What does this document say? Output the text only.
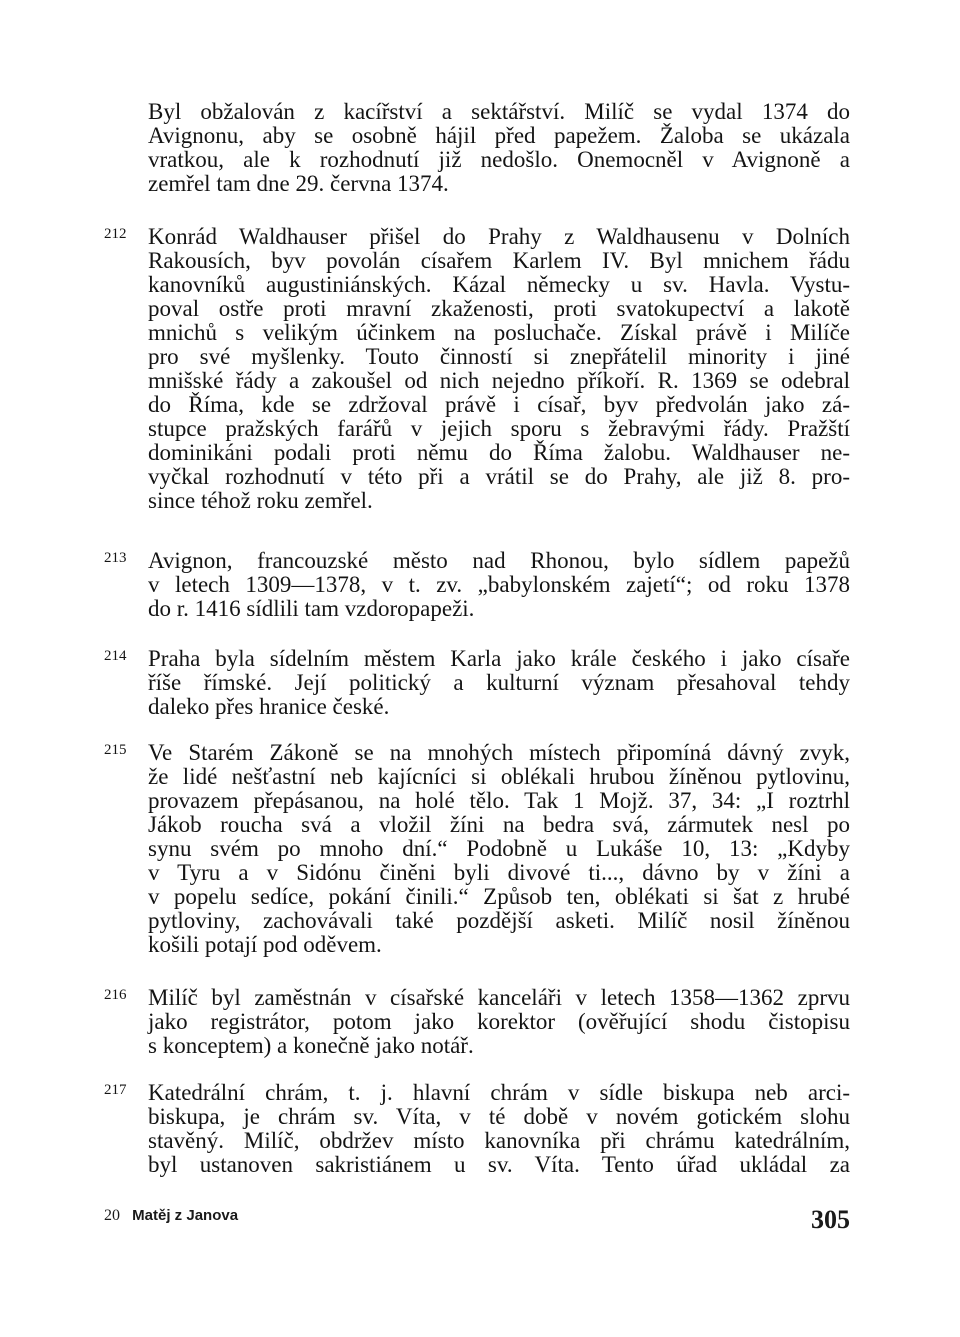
Byl obžalován z kacířství a sektářství. Milíč se vydal 1374 do
Avignonu, aby se osobně hájil před papežem. Žaloba se ukázala
vratkou, ale k rozhodnutí již nedošlo. Onemocněl v Avignoně a
zemřel tam dne 29. června 1374.
212 Konrád Waldhauser přišel do Prahy z Waldhausenu v Dolních
Rakousích, byv povolán císařem Karlem IV. Byl mnichem řádu
kanovníků augustiniánských. Kázal německy u sv. Havla. Vystu-
poval ostře proti mravní zkaženosti, proti svatokupectví a lakotě
mnichů s velikým účinkem na posluchače. Získal právě i Milíče
pro své myšlenky. Touto činností si znepřátelil minority i jiné
mnišské řády a zakoušel od nich nejedno příkoří. R. 1369 se odebral
do Říma, kde se zdržoval právě i císař, byv předvolán jako zá-
stupce pražských farářů v jejich sporu s žebravými řády. Pražští
dominikáni podali proti němu do Říma žalobu. Waldhauser ne-
vyčkal rozhodnutí v této při a vrátil se do Prahy, ale již 8. pro-
since téhož roku zemřel.
213 Avignon, francouzské město nad Rhonou, bylo sídlem papežů
v letech 1309—1378, v t. zv. „babylonském zajetí“; od roku 1378
do r. 1416 sídlili tam vzdoropapeži.
214 Praha byla sídelním městem Karla jako krále českého i jako císaře
říše římské. Její politický a kulturní význam přesahoval tehdy
daleko přes hranice české.
215 Ve Starém Zákoně se na mnohých místech připomíná dávný zvyk,
že lidé nešťastní neb kajícníci si oblékali hrubou žíněnou pytlovinu,
provazem přepásanou, na holé tělo. Tak 1 Mojž. 37, 34: „I roztrhl
Jákob roucha svá a vložil žíni na bedra svá, zármutek nesl po
synu svém po mnoho dní.“ Podobně u Lukáše 10, 13: „Kdyby
v Tyru a v Sidónu činěni byli divové ti..., dávno by v žíni a
v popelu sedíce, pokání činili.“ Způsob ten, oblékati si šat z hrubé
pytloviny, zachovávali také pozdější asketi. Milíč nosil žíněnou
košili potají pod oděvem.
216 Milíč byl zaměstnán v císařské kanceláři v letech 1358—1362 zprvu
jako registrátor, potom jako korektor (ověřující shodu čistopisu
s konceptem) a konečně jako notář.
217 Katedrální chrám, t. j. hlavní chrám v sídle biskupa neb arci-
biskupa, je chrám sv. Víta, v té době v novém gotickém slohu
stavěný. Milíč, obdržev místo kanovníka při chrámu katedrálním,
byl ustanoven sakristiánem u sv. Víta. Tento úřad ukládal za
20 Matěj z Janova	305
